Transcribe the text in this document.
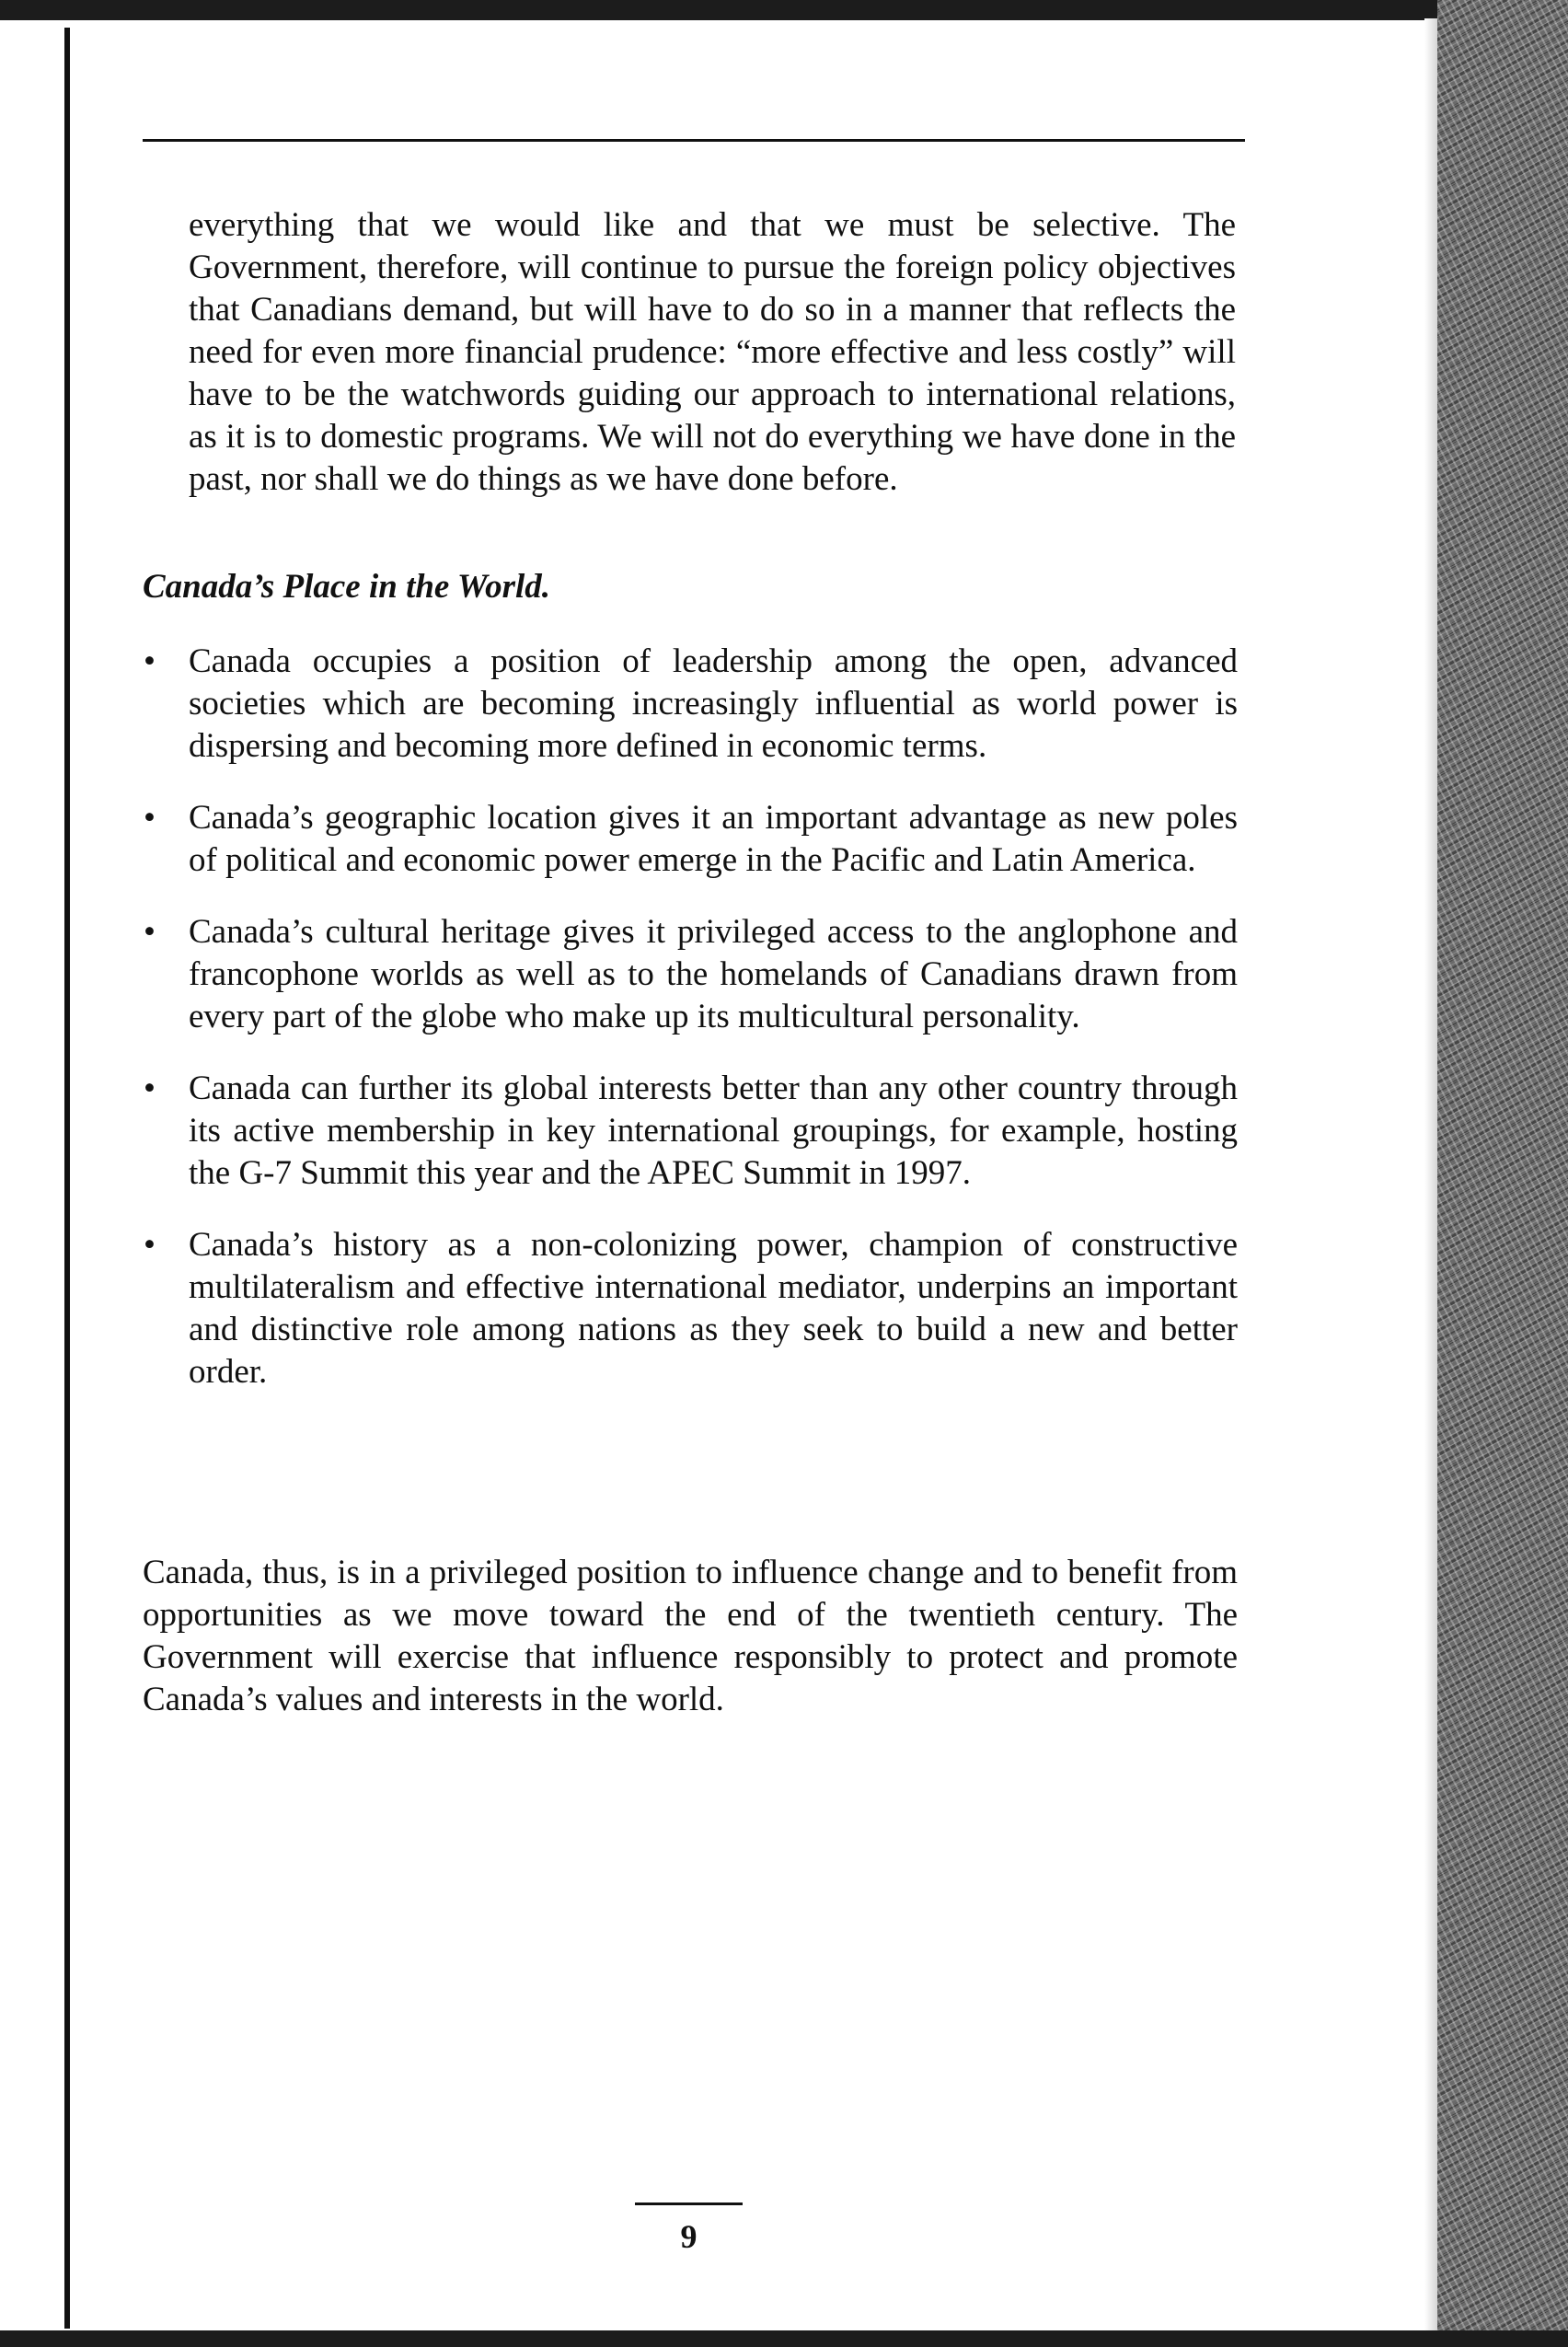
everything that we would like and that we must be selective. The Government, therefore, will continue to pursue the foreign policy objectives that Canadians demand, but will have to do so in a manner that reflects the need for even more financial prudence: “more effective and less costly” will have to be the watchwords guiding our approach to international relations, as it is to domestic programs. We will not do everything we have done in the past, nor shall we do things as we have done before.

Canada’s Place in the World.
• Canada occupies a position of leadership among the open, advanced societies which are becoming increasingly influential as world power is dispersing and becoming more defined in economic terms.
• Canada’s geographic location gives it an important advantage as new poles of political and economic power emerge in the Pacific and Latin America.
• Canada’s cultural heritage gives it privileged access to the anglophone and francophone worlds as well as to the homelands of Canadians drawn from every part of the globe who make up its multicultural personality.
• Canada can further its global interests better than any other country through its active membership in key international groupings, for example, hosting the G-7 Summit this year and the APEC Summit in 1997.
• Canada’s history as a non-colonizing power, champion of constructive multilateralism and effective international mediator, underpins an important and distinctive role among nations as they seek to build a new and better order.

Canada, thus, is in a privileged position to influence change and to benefit from opportunities as we move toward the end of the twentieth century. The Government will exercise that influence responsibly to protect and promote Canada’s values and interests in the world.

9
